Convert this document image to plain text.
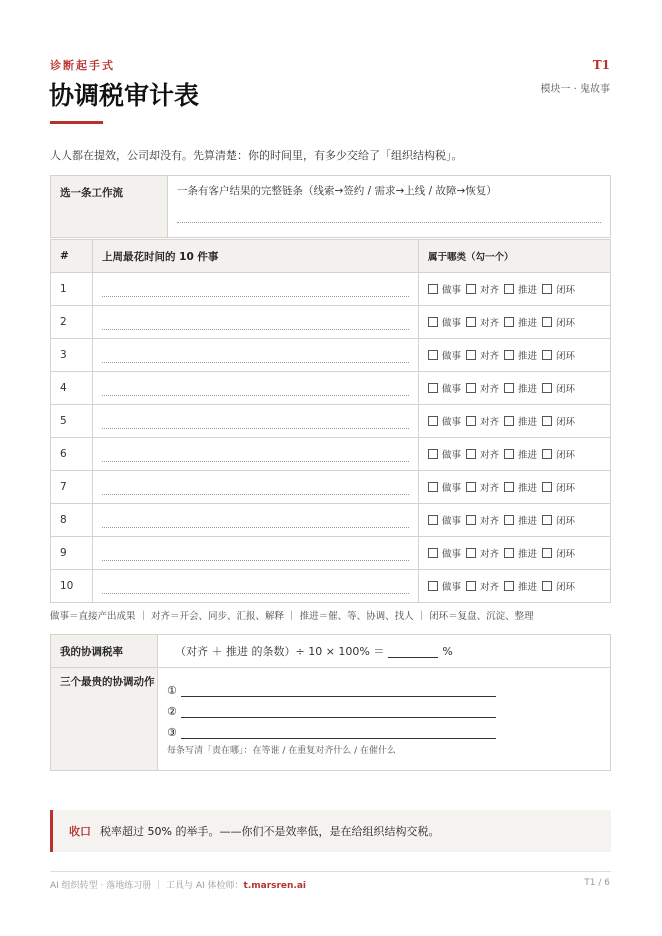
诊断起手式	T1
模块一 · 鬼故事
协调税审计表
人人都在提效，公司却没有。先算清楚：你的时间里，有多少交给了「组织结构税」。
选一条工作流	一条有客户结果的完整链条（线索→签约 / 需求→上线 / 故障→恢复）
#	上周最花时间的 10 件事	属于哪类（勾一个）
1		做事 对齐 推进 闭环
2		做事 对齐 推进 闭环
3		做事 对齐 推进 闭环
4		做事 对齐 推进 闭环
5		做事 对齐 推进 闭环
6		做事 对齐 推进 闭环
7		做事 对齐 推进 闭环
8		做事 对齐 推进 闭环
9		做事 对齐 推进 闭环
10		做事 对齐 推进 闭环
做事＝直接产出成果 ｜ 对齐＝开会、同步、汇报、解释 ｜ 推进＝催、等、协调、找人 ｜ 闭环＝复盘、沉淀、整理
我的协调税率	（对齐 ＋ 推进 的条数）÷ 10 × 100% ＝ %
三个最贵的协调动作	①
②
③
每条写清「责在哪」：在等谁 / 在重复对齐什么 / 在催什么
收口 税率超过 50% 的举手。——你们不是效率低，是在给组织结构交税。
AI 组织转型 · 落地练习册 ｜ 工具与 AI 体检师：t.marsren.ai	T1 / 6
